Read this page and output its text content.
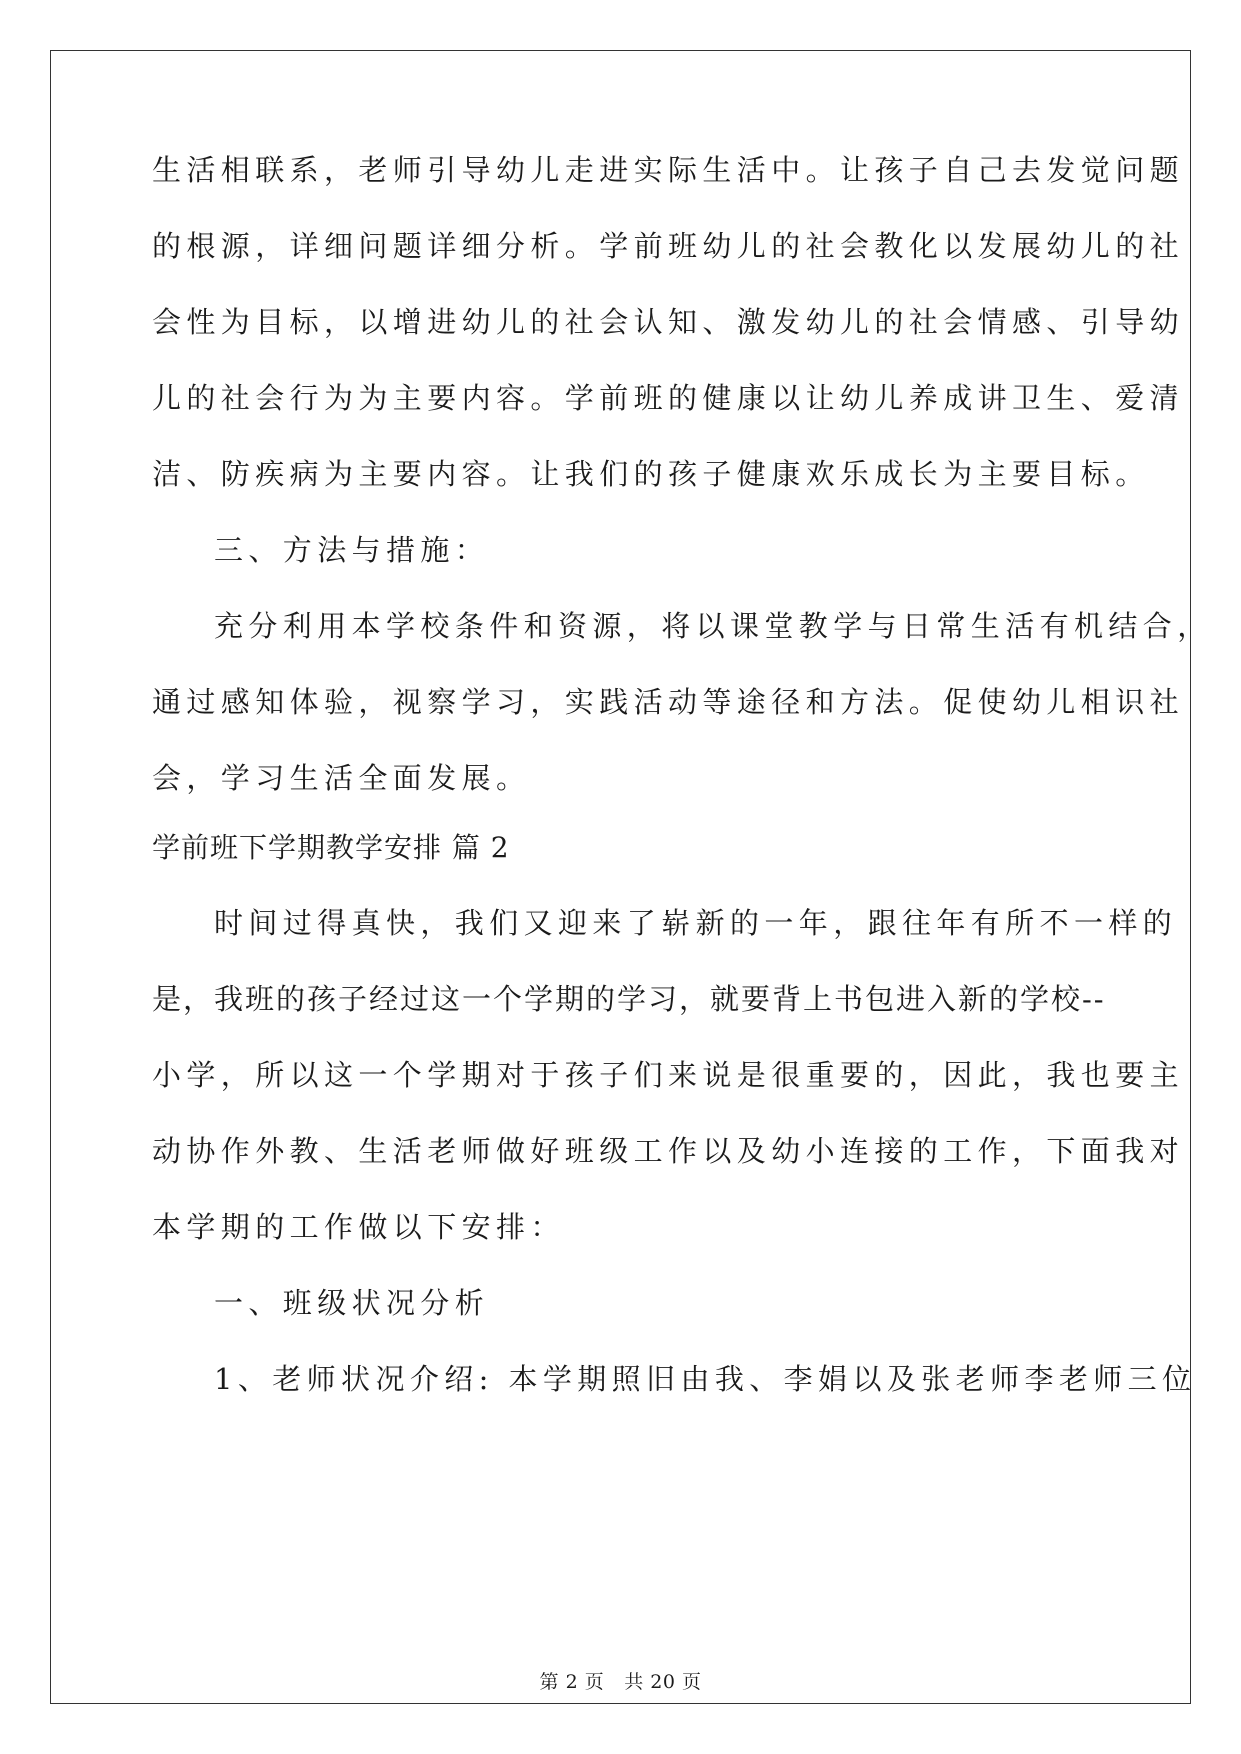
生活相联系，老师引导幼儿走进实际生活中。让孩子自己去发觉问题
的根源，详细问题详细分析。学前班幼儿的社会教化以发展幼儿的社
会性为目标，以增进幼儿的社会认知、激发幼儿的社会情感、引导幼
儿的社会行为为主要内容。学前班的健康以让幼儿养成讲卫生、爱清
洁、防疾病为主要内容。让我们的孩子健康欢乐成长为主要目标。
三、方法与措施：
充分利用本学校条件和资源，将以课堂教学与日常生活有机结合，
通过感知体验，视察学习，实践活动等途径和方法。促使幼儿相识社
会，学习生活全面发展。
学前班下学期教学安排 篇 2
时间过得真快，我们又迎来了崭新的一年，跟往年有所不一样的
是，我班的孩子经过这一个学期的学习，就要背上书包进入新的学校--
小学，所以这一个学期对于孩子们来说是很重要的，因此，我也要主
动协作外教、生活老师做好班级工作以及幼小连接的工作，下面我对
本学期的工作做以下安排：
一、班级状况分析
1、老师状况介绍: 本学期照旧由我、李娟以及张老师李老师三位
第 2 页 共 20 页
